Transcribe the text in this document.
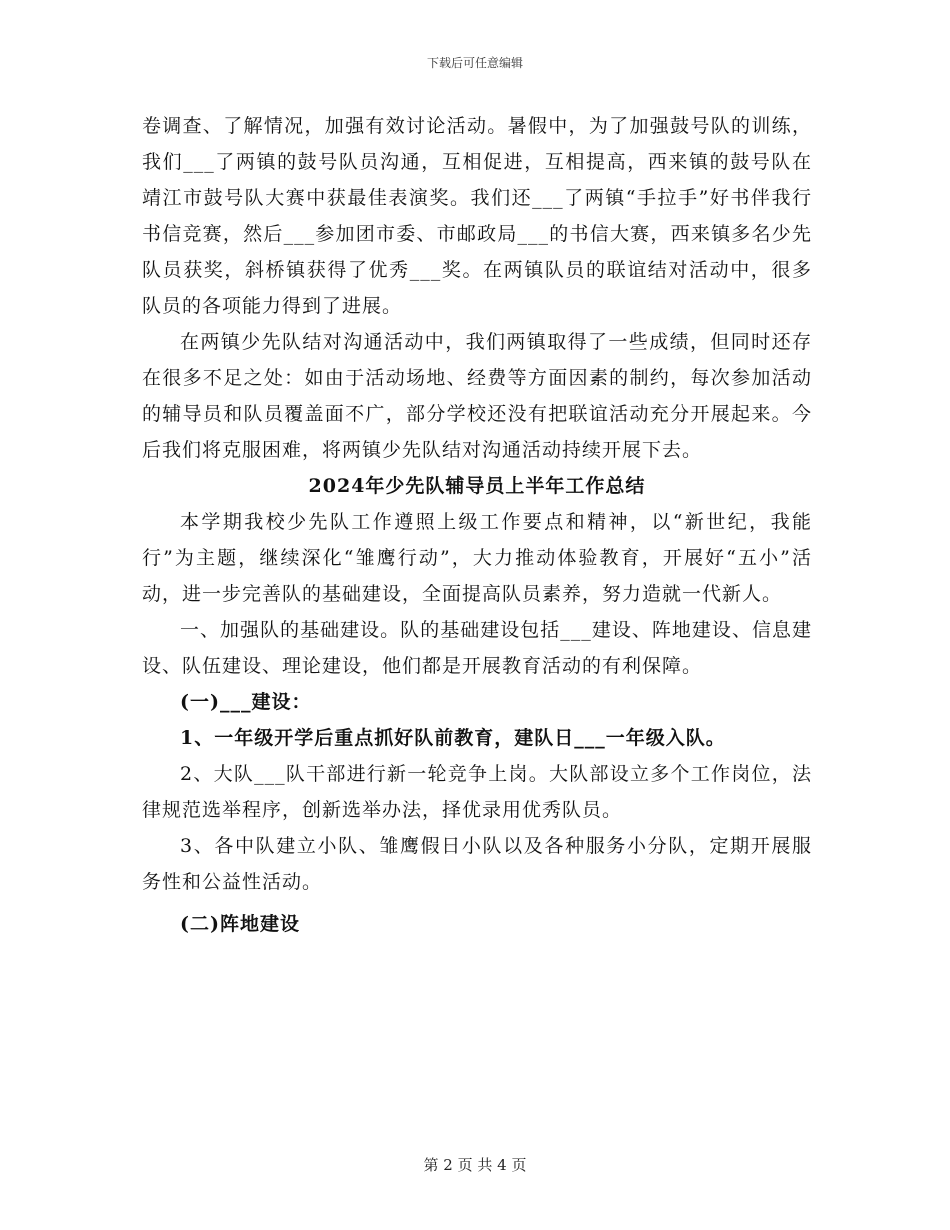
下载后可任意编辑

卷调查、了解情况，加强有效讨论活动。暑假中，为了加强鼓号队的训练，我们___了两镇的鼓号队员沟通，互相促进，互相提高，西来镇的鼓号队在靖江市鼓号队大赛中获最佳表演奖。我们还___了两镇“手拉手”好书伴我行书信竞赛，然后___参加团市委、市邮政局___的书信大赛，西来镇多名少先队员获奖，斜桥镇获得了优秀___奖。在两镇队员的联谊结对活动中，很多队员的各项能力得到了进展。

在两镇少先队结对沟通活动中，我们两镇取得了一些成绩，但同时还存在很多不足之处：如由于活动场地、经费等方面因素的制约，每次参加活动的辅导员和队员覆盖面不广，部分学校还没有把联谊活动充分开展起来。今后我们将克服困难，将两镇少先队结对沟通活动持续开展下去。

2024年少先队辅导员上半年工作总结

本学期我校少先队工作遵照上级工作要点和精神，以“新世纪，我能行”为主题，继续深化“雏鹰行动”，大力推动体验教育，开展好“五小”活动，进一步完善队的基础建设，全面提高队员素养，努力造就一代新人。

一、加强队的基础建设。队的基础建设包括___建设、阵地建设、信息建设、队伍建设、理论建设，他们都是开展教育活动的有利保障。

(一)___建设：

1、一年级开学后重点抓好队前教育，建队日___一年级入队。

2、大队___队干部进行新一轮竞争上岗。大队部设立多个工作岗位，法律规范选举程序，创新选举办法，择优录用优秀队员。

3、各中队建立小队、雏鹰假日小队以及各种服务小分队，定期开展服务性和公益性活动。

(二)阵地建设

第 2 页 共 4 页
